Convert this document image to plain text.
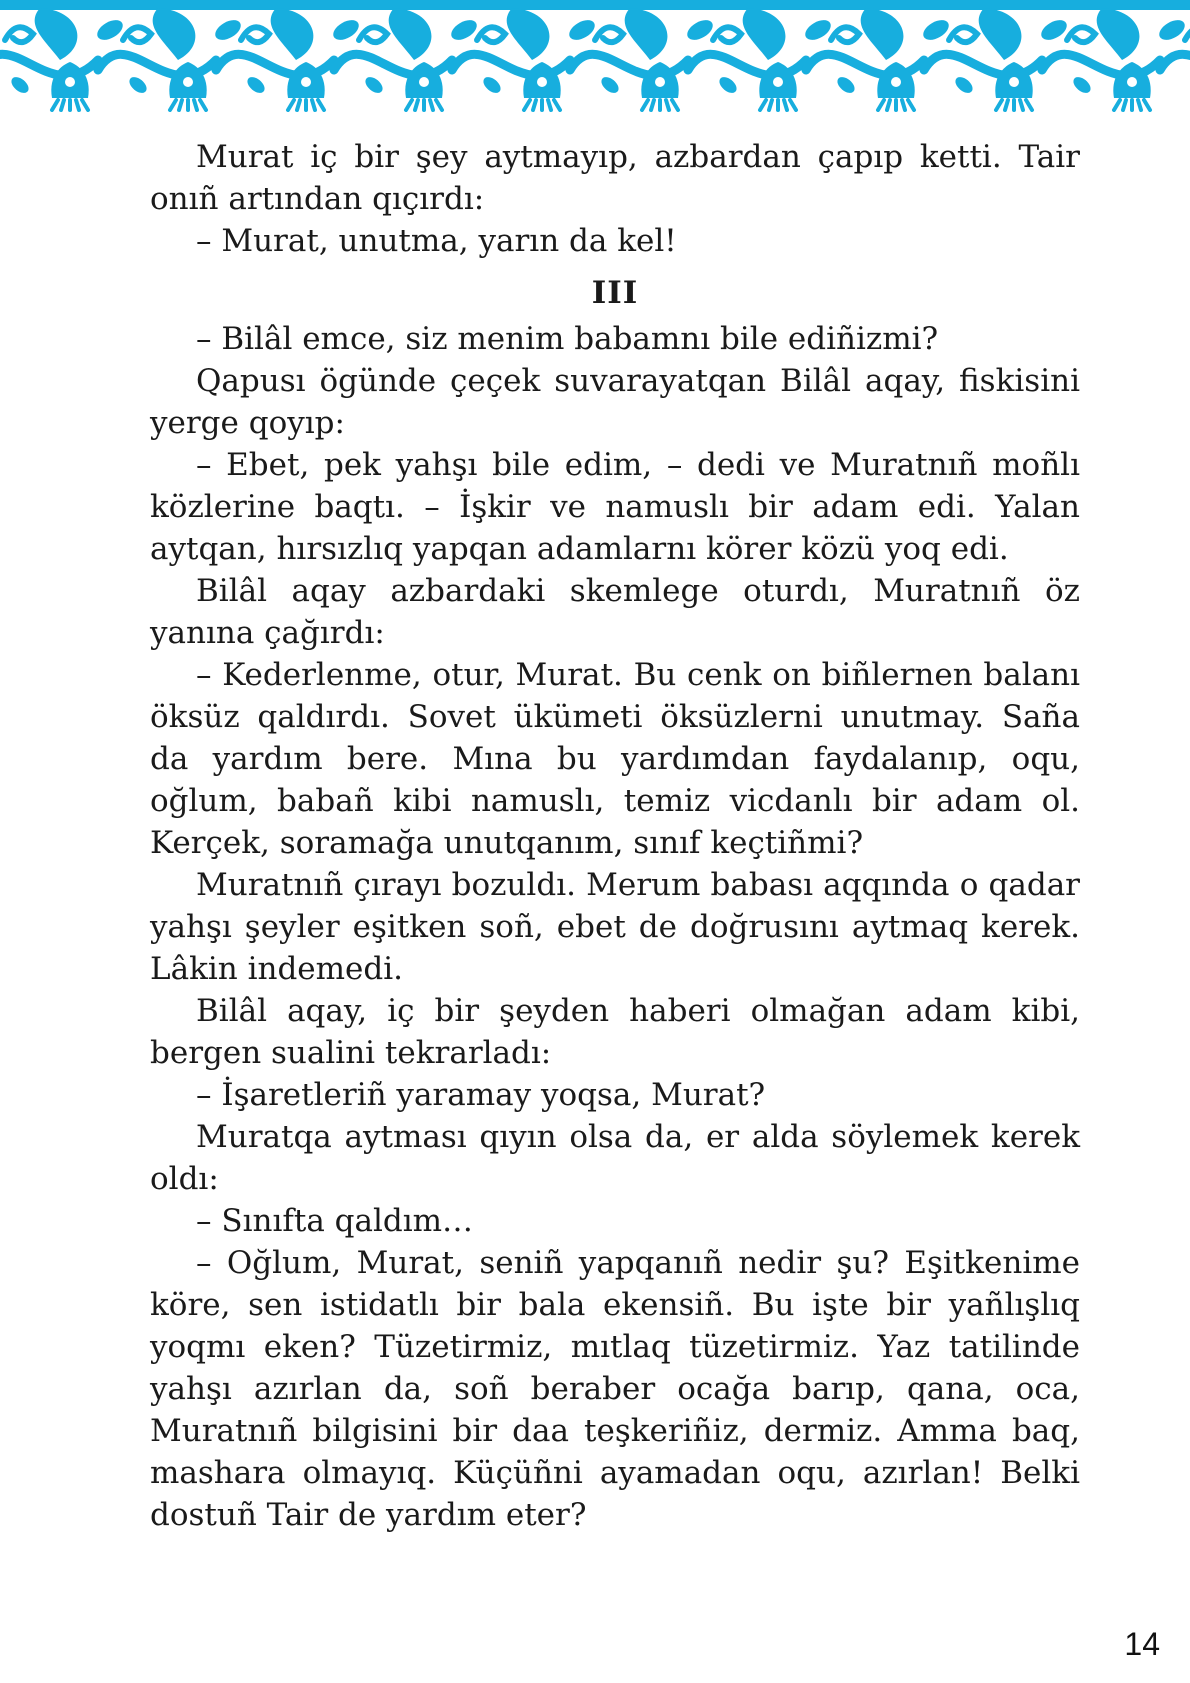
Murat iç bir şey aytmayıp, azbardan çapıp ketti. Tair onıñ artından qıçırdı:

– Murat, unutma, yarın da kel!

III

– Bilâl emce, siz menim babamnı bile ediñizmi?

Qapusı ögünde çeçek suvarayatqan Bilâl aqay, fiskisini yerge qoyıp:

– Ebet, pek yahşı bile edim, – dedi ve Muratnıñ moñlı közlerine baqtı. – İşkir ve namuslı bir adam edi. Yalan aytqan, hırsızlıq yapqan adamlarnı körer közü yoq edi.

Bilâl aqay azbardaki skemlege oturdı, Muratnıñ öz yanına çağırdı:

– Kederlenme, otur, Murat. Bu cenk on biñlernen balanı öksüz qaldırdı. Sovet ükümeti öksüzlerni unutmay. Saña da yardım bere. Mına bu yardımdan faydalanıp, oqu, oğlum, babañ kibi namuslı, temiz vicdanlı bir adam ol. Kerçek, soramağa unutqanım, sınıf keçtiñmi?

Muratnıñ çırayı bozuldı. Merum babası aqqında o qadar yahşı şeyler eşitken soñ, ebet de doğrusını aytmaq kerek. Lâkin indemedi.

Bilâl aqay, iç bir şeyden haberi olmağan adam kibi, bergen sualini tekrarladı:

– İşaretleriñ yaramay yoqsa, Murat?

Muratqa aytması qıyın olsa da, er alda söylemek kerek oldı:

– Sınıfta qaldım…

– Oğlum, Murat, seniñ yapqanıñ nedir şu? Eşitkenime köre, sen istidatlı bir bala ekensiñ. Bu işte bir yañlışlıq yoqmı eken? Tüzetirmiz, mıtlaq tüzetirmiz. Yaz tatilinde yahşı azırlan da, soñ beraber ocağa barıp, qana, oca, Muratnıñ bilgisini bir daa teşkeriñiz, dermiz. Amma baq, mashara olmayıq. Küçüñni ayamadan oqu, azırlan! Belki dostuñ Tair de yardım eter?

14
